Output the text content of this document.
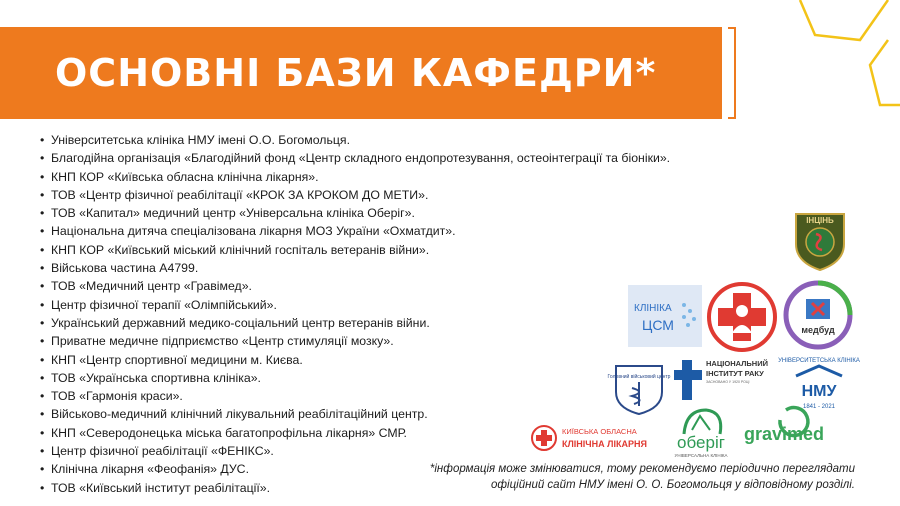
ОСНОВНІ БАЗИ КАФЕДРИ*
• Університетська клініка НМУ імені О.О. Богомольця.
• Благодійна організація «Благодійний фонд «Центр складного ендопротезування, остеоінтеграції та біоніки».
• КНП КОР «Київська обласна клінічна лікарня».
• ТОВ «Центр фізичної реабілітації «КРОК ЗА КРОКОМ ДО МЕТИ».
• ТОВ «Капитал» медичний центр «Універсальна клініка Оберіг».
• Національна дитяча спеціалізована лікарня МОЗ України «Охматдит».
• КНП КОР «Київський міський клінічний госпіталь ветеранів війни».
• Військова частина А4799.
• ТОВ «Медичний центр «Гравімед».
• Центр фізичної терапії «Олімпійський».
• Український державний медико-соціальний центр ветеранів війни.
• Приватне медичне підприємство «Центр стимуляції мозку».
• КНП «Центр спортивної медицини м. Києва.
• ТОВ «Українська спортивна клініка».
• ТОВ «Гармонія краси».
• Військово-медичний клінічний лікувальний реабілітаційний центр.
• КНП «Северодонецька міська багатопрофільна лікарня» СМР.
• Центр фізичної реабілітації «ФЕНІКС».
• Клінічна лікарня «Феофанія» ДУС.
• ТОВ «Київський інститут реабілітації».
ІНЦІНЬ
КЛІНІКА
ЦСМ	медбуд
Головний військовий центр
НАЦІОНАЛЬНИЙ
ІНСТИТУТ РАКУ
ЗАСНОВАНО У 1920 РОЦІ
УНІВЕРСИТЕТСЬКА КЛІНІКА
НМУ
1841 - 2021
КИЇВСЬКА ОБЛАСНА
КЛІНІЧНА ЛІКАРНЯ оберіг
УНІВЕРСАЛЬНА КЛІНІКА
gravimed
*інформація може змінюватися, тому рекомендуємо періодично переглядати офіційний сайт НМУ імені О. О. Богомольця у відповідному розділі.
